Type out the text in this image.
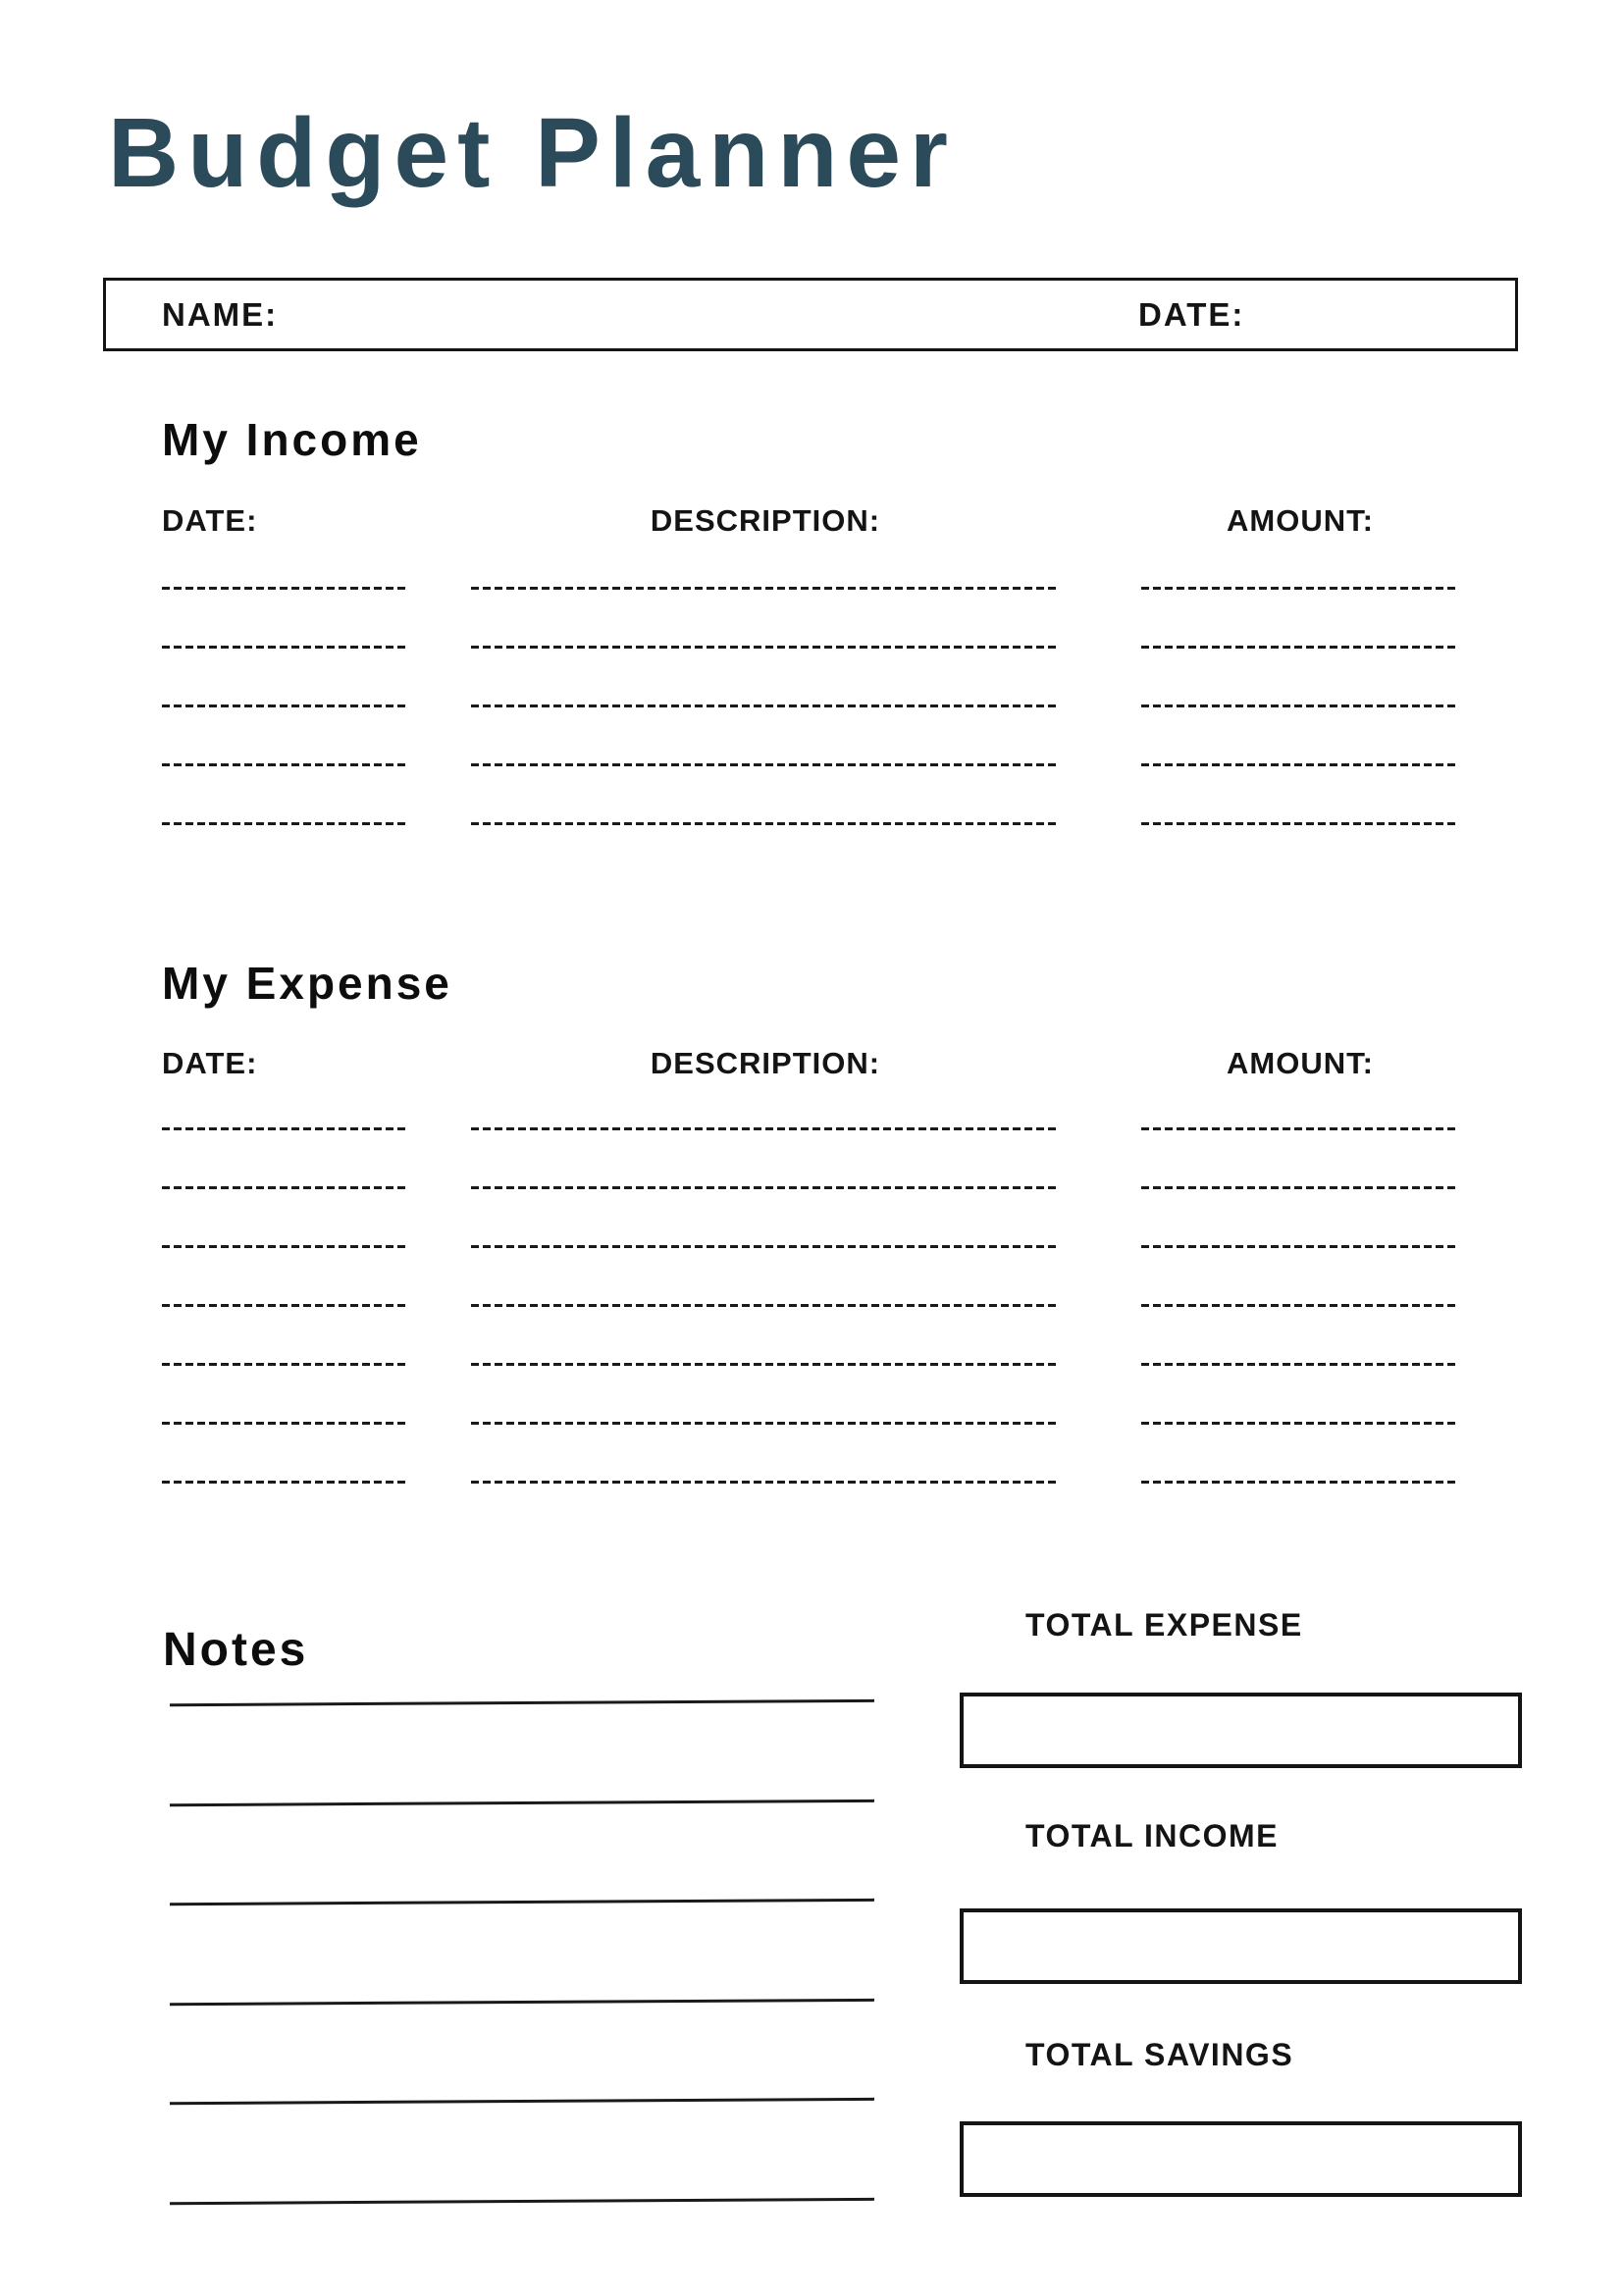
Budget Planner
NAME:	DATE:
My Income
DATE:	DESCRIPTION:	AMOUNT:
My Expense
DATE:	DESCRIPTION:	AMOUNT:
Notes	TOTAL EXPENSE
TOTAL INCOME
TOTAL SAVINGS
